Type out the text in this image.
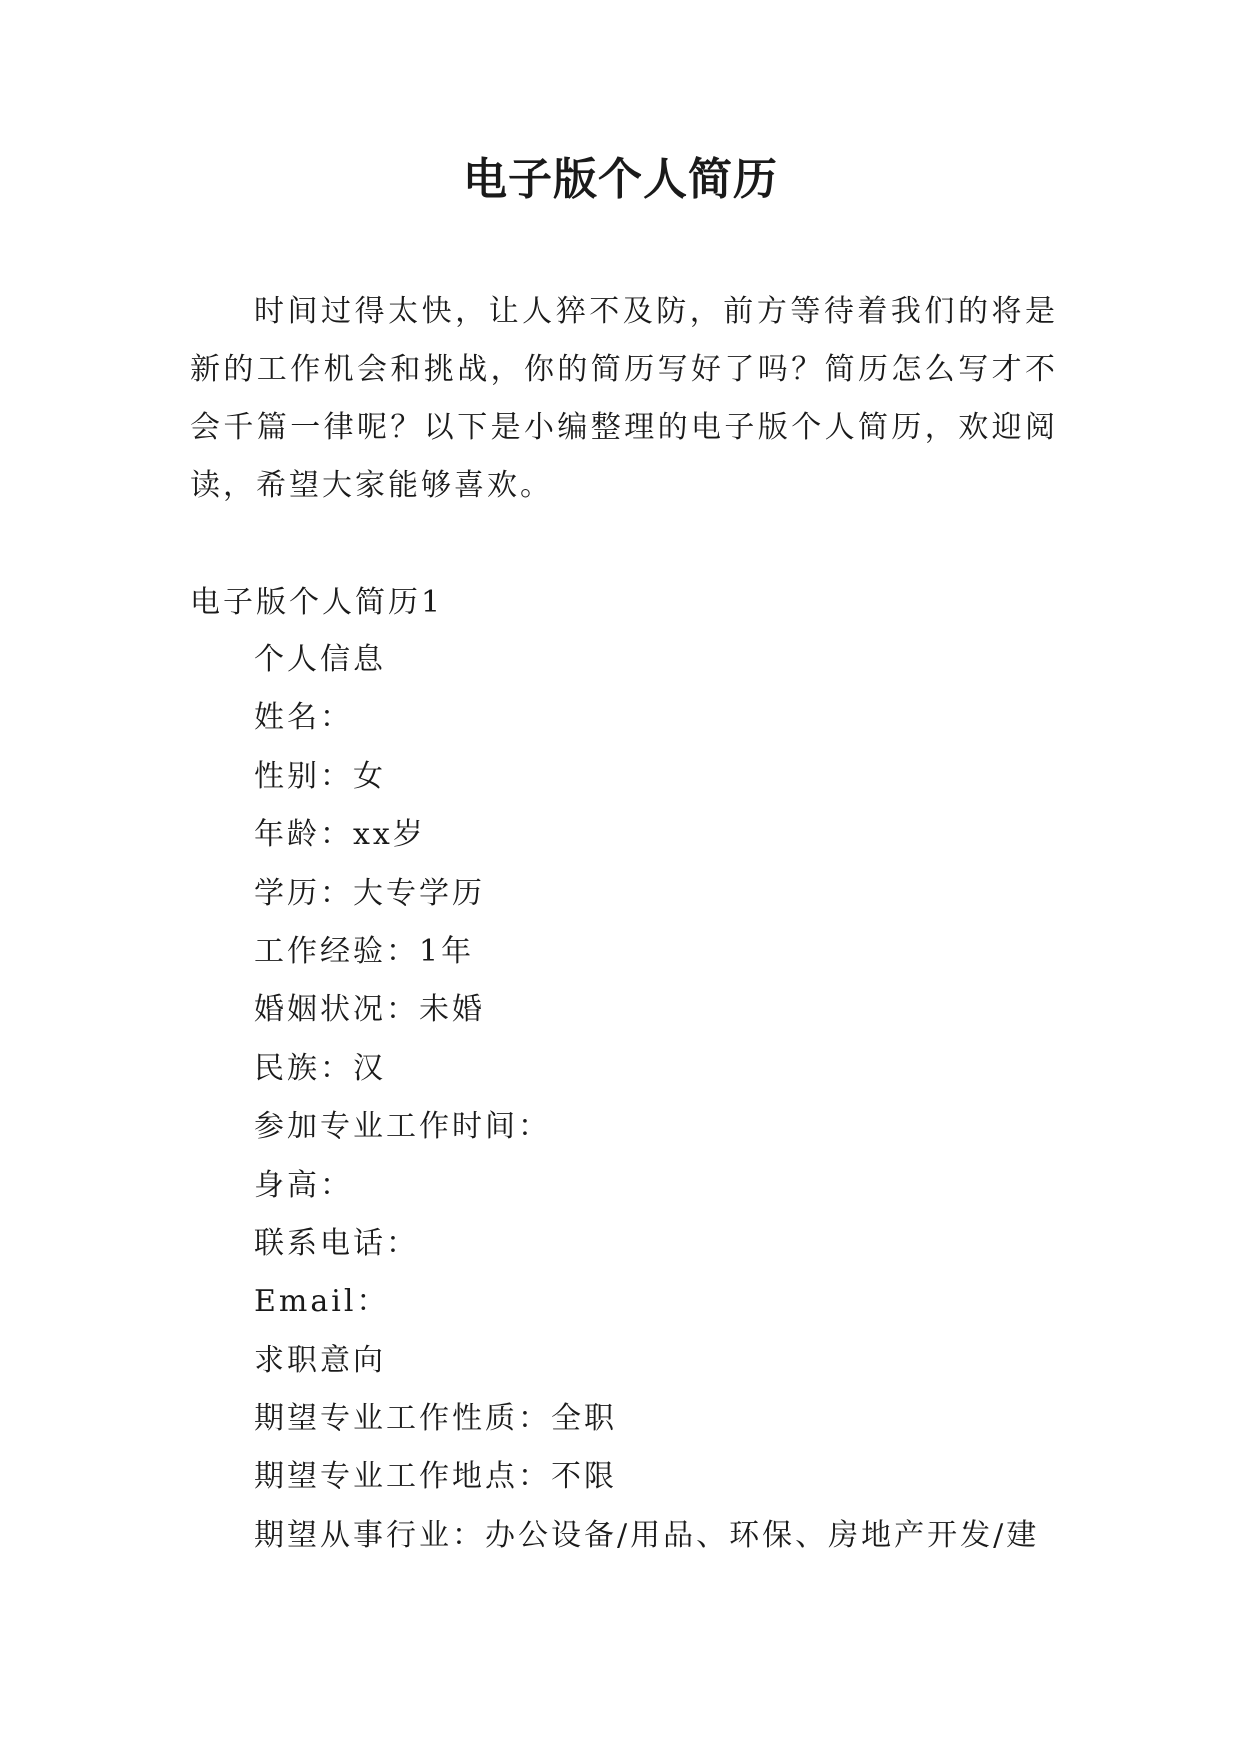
电子版个人简历

时间过得太快，让人猝不及防，前方等待着我们的将是新的工作机会和挑战，你的简历写好了吗？简历怎么写才不会千篇一律呢？以下是小编整理的电子版个人简历，欢迎阅读，希望大家能够喜欢。

电子版个人简历1

个人信息
姓名：
性别：女
年龄：xx岁
学历：大专学历
工作经验：1年
婚姻状况：未婚
民族：汉
参加专业工作时间：
身高：
联系电话：
Email：
求职意向
期望专业工作性质：全职
期望专业工作地点：不限
期望从事行业：办公设备/用品、环保、房地产开发/建
